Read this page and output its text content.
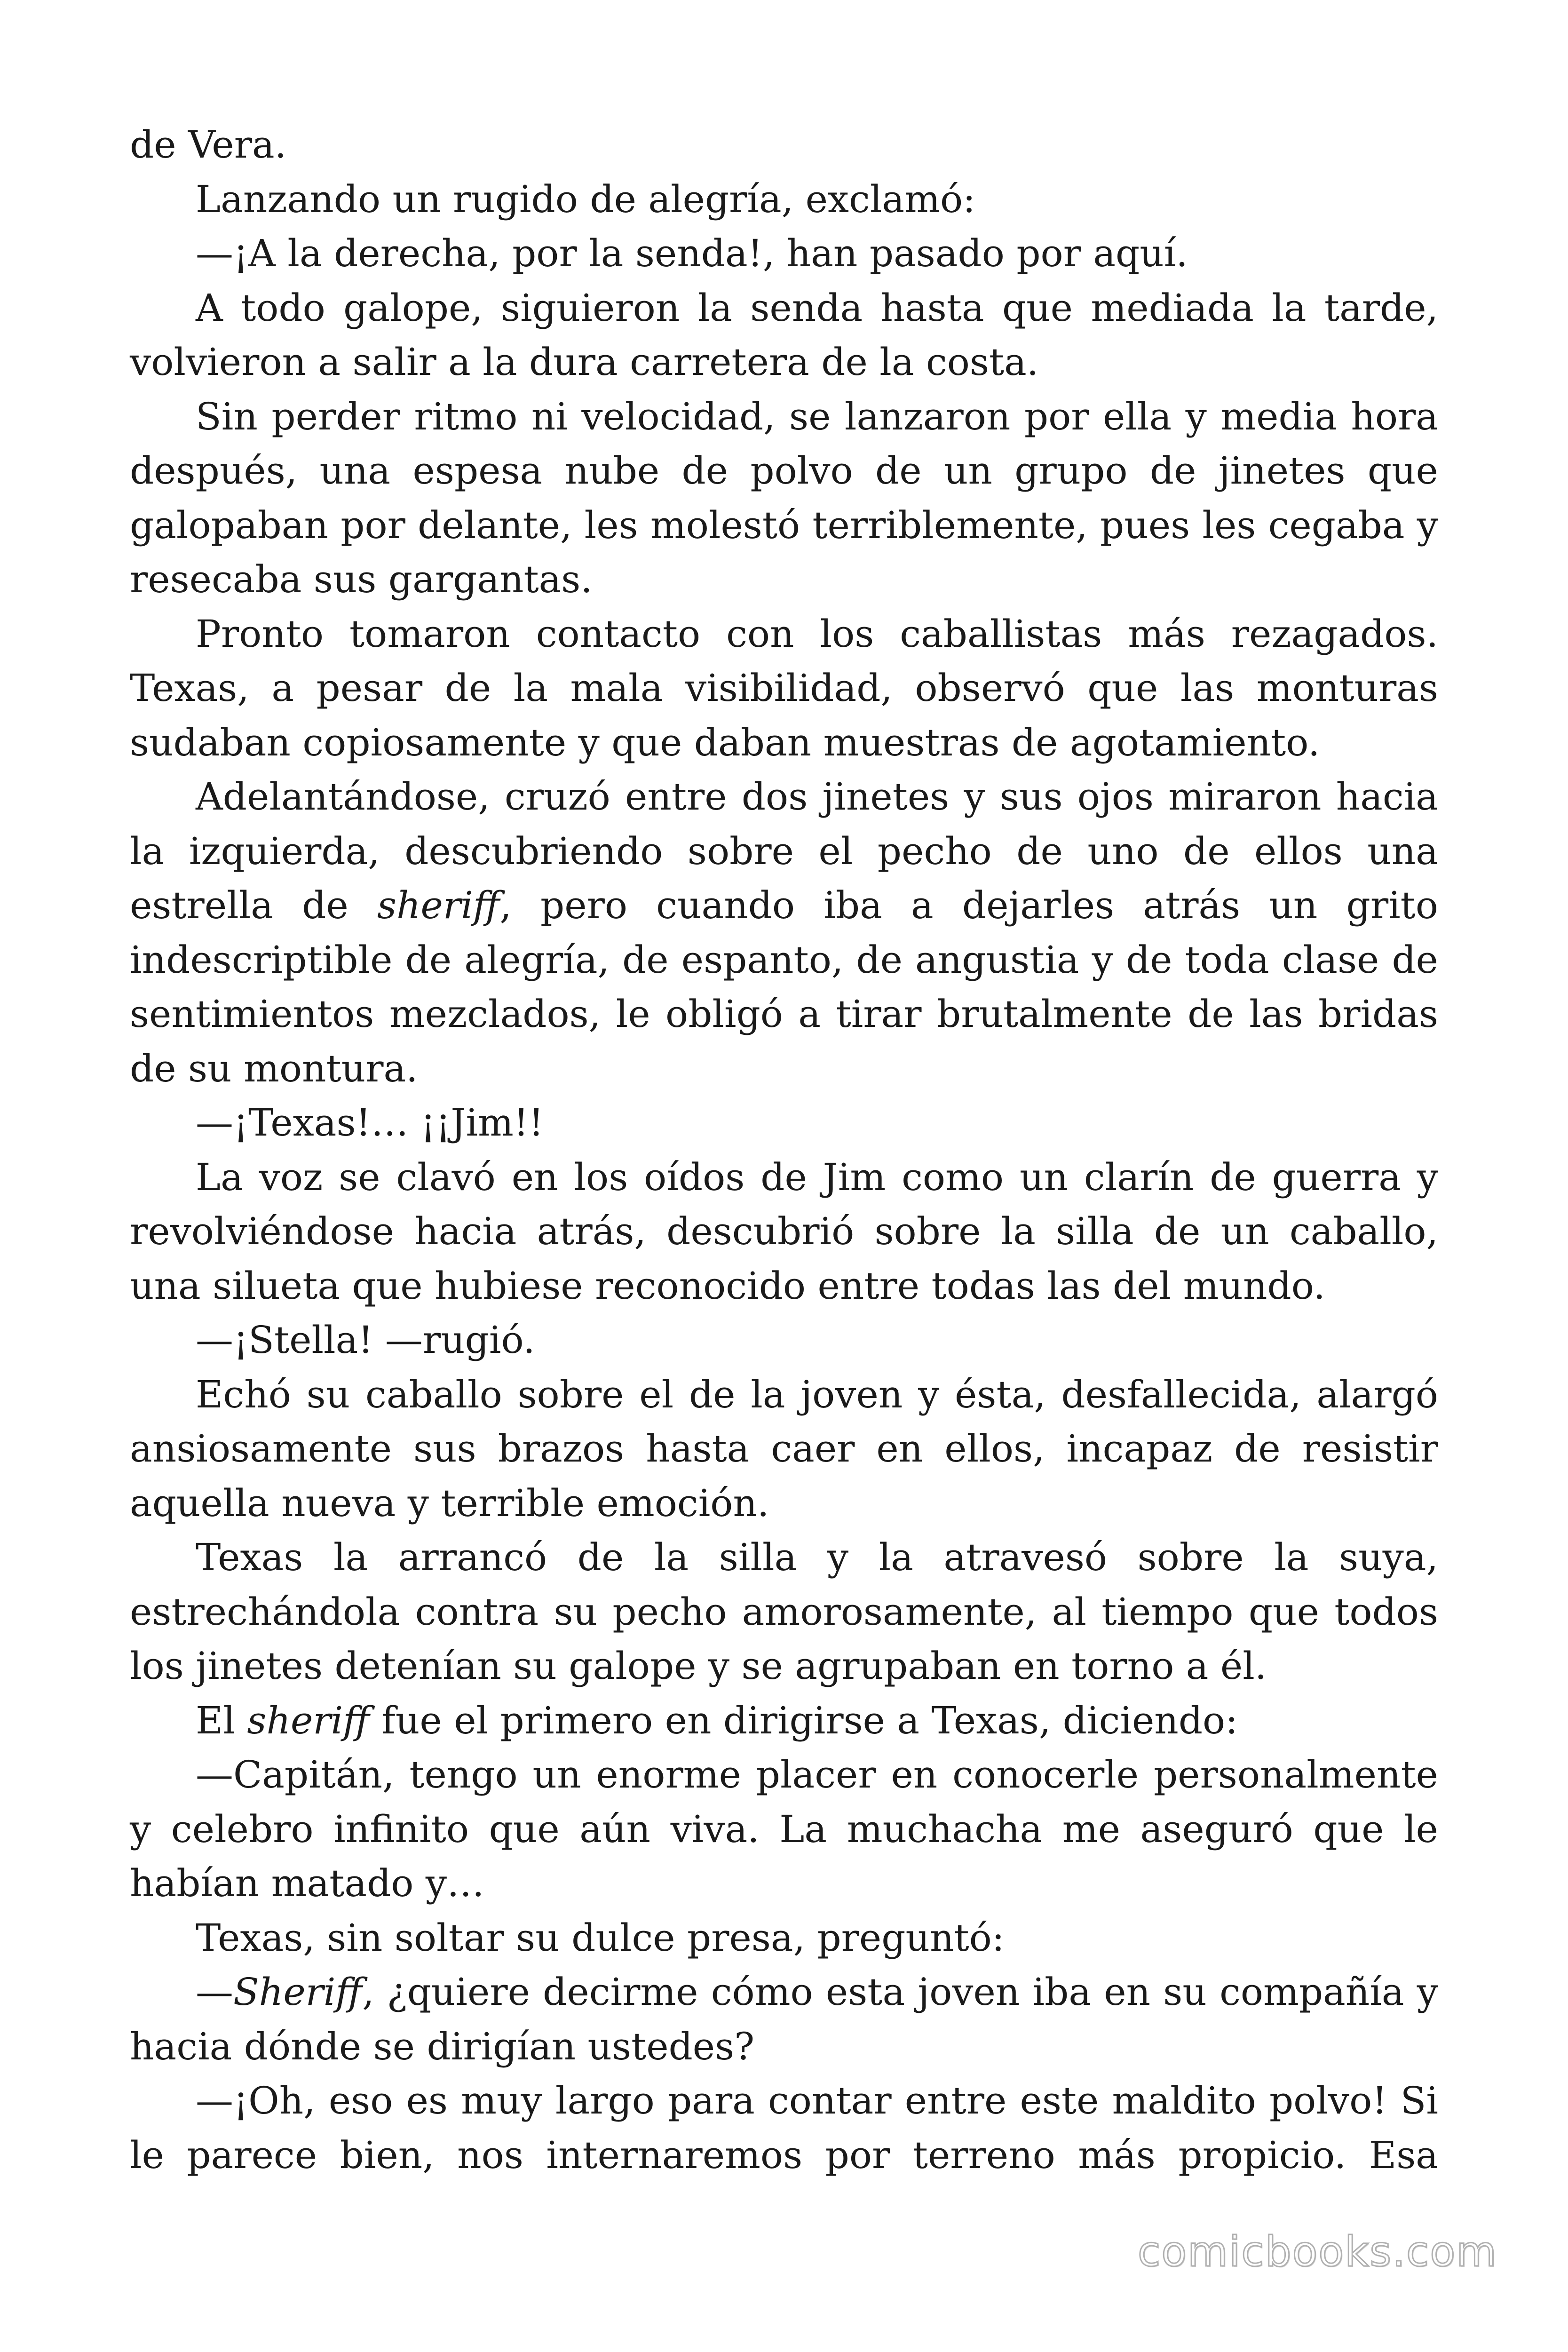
de Vera.

Lanzando un rugido de alegría, exclamó:

—¡A la derecha, por la senda!, han pasado por aquí.

A todo galope, siguieron la senda hasta que mediada la tarde, volvieron a salir a la dura carretera de la costa.

Sin perder ritmo ni velocidad, se lanzaron por ella y media hora después, una espesa nube de polvo de un grupo de jinetes que galopaban por delante, les molestó terriblemente, pues les cegaba y resecaba sus gargantas.

Pronto tomaron contacto con los caballistas más rezagados. Texas, a pesar de la mala visibilidad, observó que las monturas sudaban copiosamente y que daban muestras de agotamiento.

Adelantándose, cruzó entre dos jinetes y sus ojos miraron hacia la izquierda, descubriendo sobre el pecho de uno de ellos una estrella de sheriff, pero cuando iba a dejarles atrás un grito indescriptible de alegría, de espanto, de angustia y de toda clase de sentimientos mezclados, le obligó a tirar brutalmente de las bridas de su montura.

—¡Texas!… ¡¡Jim!!

La voz se clavó en los oídos de Jim como un clarín de guerra y revolviéndose hacia atrás, descubrió sobre la silla de un caballo, una silueta que hubiese reconocido entre todas las del mundo.

—¡Stella! —rugió.

Echó su caballo sobre el de la joven y ésta, desfallecida, alargó ansiosamente sus brazos hasta caer en ellos, incapaz de resistir aquella nueva y terrible emoción.

Texas la arrancó de la silla y la atravesó sobre la suya, estrechándola contra su pecho amorosamente, al tiempo que todos los jinetes detenían su galope y se agrupaban en torno a él.

El sheriff fue el primero en dirigirse a Texas, diciendo:

—Capitán, tengo un enorme placer en conocerle personalmente y celebro infinito que aún viva. La muchacha me aseguró que le habían matado y…

Texas, sin soltar su dulce presa, preguntó:

—Sheriff, ¿quiere decirme cómo esta joven iba en su compañía y hacia dónde se dirigían ustedes?

—¡Oh, eso es muy largo para contar entre este maldito polvo! Si le parece bien, nos internaremos por terreno más propicio. Esa

comicbooks.com
